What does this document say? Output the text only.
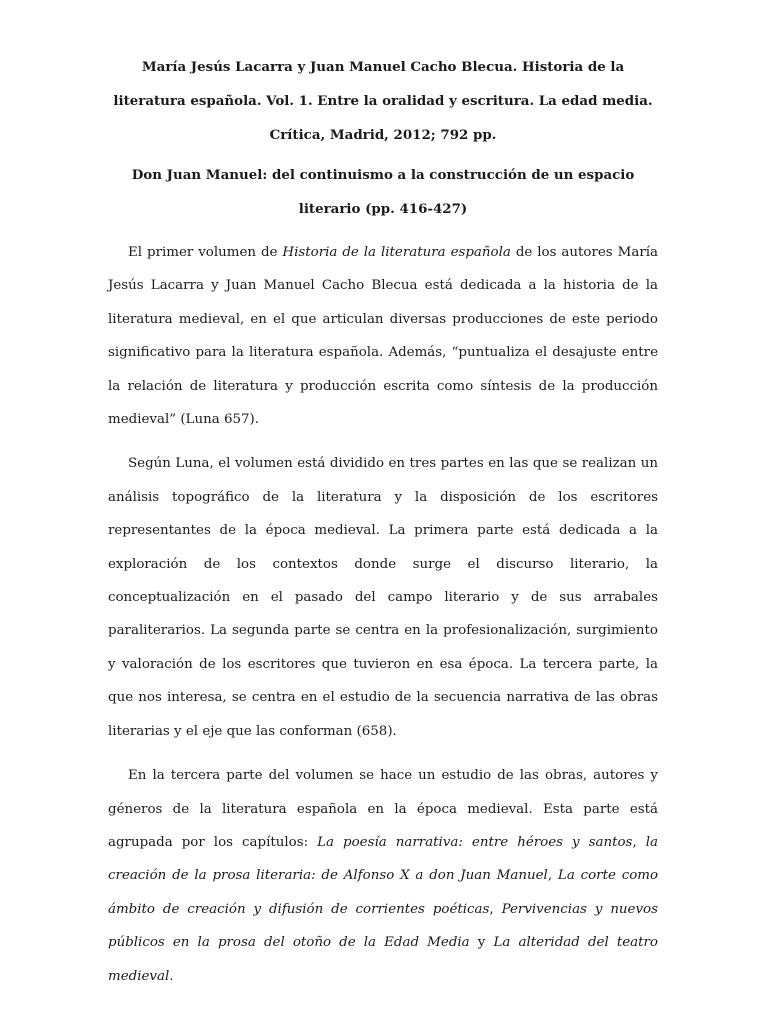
María Jesús Lacarra y Juan Manuel Cacho Blecua. Historia de la literatura española. Vol. 1. Entre la oralidad y escritura. La edad media. Crítica, Madrid, 2012; 792 pp.

Don Juan Manuel: del continuismo a la construcción de un espacio literario (pp. 416-427)

El primer volumen de Historia de la literatura española de los autores María Jesús Lacarra y Juan Manuel Cacho Blecua está dedicada a la historia de la literatura medieval, en el que articulan diversas producciones de este periodo significativo para la literatura española. Además, “puntualiza el desajuste entre la relación de literatura y producción escrita como síntesis de la producción medieval” (Luna 657).

Según Luna, el volumen está dividido en tres partes en las que se realizan un análisis topográfico de la literatura y la disposición de los escritores representantes de la época medieval. La primera parte está dedicada a la exploración de los contextos donde surge el discurso literario, la conceptualización en el pasado del campo literario y de sus arrabales paraliterarios. La segunda parte se centra en la profesionalización, surgimiento y valoración de los escritores que tuvieron en esa época. La tercera parte, la que nos interesa, se centra en el estudio de la secuencia narrativa de las obras literarias y el eje que las conforman (658).

En la tercera parte del volumen se hace un estudio de las obras, autores y géneros de la literatura española en la época medieval. Esta parte está agrupada por los capítulos: La poesía narrativa: entre héroes y santos, la creación de la prosa literaria: de Alfonso X a don Juan Manuel, La corte como ámbito de creación y difusión de corrientes poéticas, Pervivencias y nuevos públicos en la prosa del otoño de la Edad Media y La alteridad del teatro medieval.
